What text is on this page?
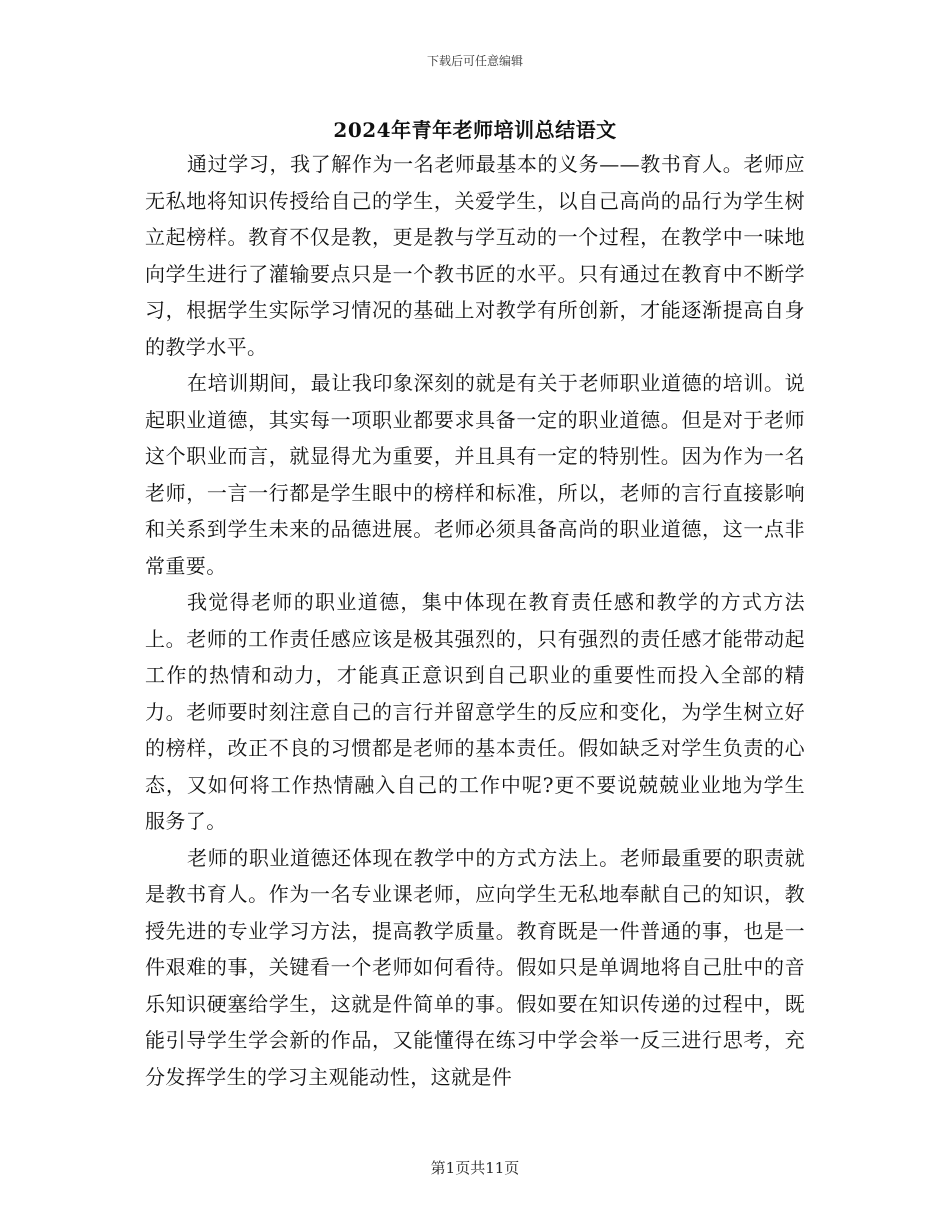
下载后可任意编辑
2024年青年老师培训总结语文

通过学习，我了解作为一名老师最基本的义务——教书育人。老师应无私地将知识传授给自己的学生，关爱学生，以自己高尚的品行为学生树立起榜样。教育不仅是教，更是教与学互动的一个过程，在教学中一味地向学生进行了灌输要点只是一个教书匠的水平。只有通过在教育中不断学习，根据学生实际学习情况的基础上对教学有所创新，才能逐渐提高自身的教学水平。

在培训期间，最让我印象深刻的就是有关于老师职业道德的培训。说起职业道德，其实每一项职业都要求具备一定的职业道德。但是对于老师这个职业而言，就显得尤为重要，并且具有一定的特别性。因为作为一名老师，一言一行都是学生眼中的榜样和标准，所以，老师的言行直接影响和关系到学生未来的品德进展。老师必须具备高尚的职业道德，这一点非常重要。

我觉得老师的职业道德，集中体现在教育责任感和教学的方式方法上。老师的工作责任感应该是极其强烈的，只有强烈的责任感才能带动起工作的热情和动力，才能真正意识到自己职业的重要性而投入全部的精力。老师要时刻注意自己的言行并留意学生的反应和变化，为学生树立好的榜样，改正不良的习惯都是老师的基本责任。假如缺乏对学生负责的心态，又如何将工作热情融入自己的工作中呢?更不要说兢兢业业地为学生服务了。

老师的职业道德还体现在教学中的方式方法上。老师最重要的职责就是教书育人。作为一名专业课老师，应向学生无私地奉献自己的知识，教授先进的专业学习方法，提高教学质量。教育既是一件普通的事，也是一件艰难的事，关键看一个老师如何看待。假如只是单调地将自己肚中的音乐知识硬塞给学生，这就是件简单的事。假如要在知识传递的过程中，既能引导学生学会新的作品，又能懂得在练习中学会举一反三进行思考，充分发挥学生的学习主观能动性，这就是件

第1页共11页
